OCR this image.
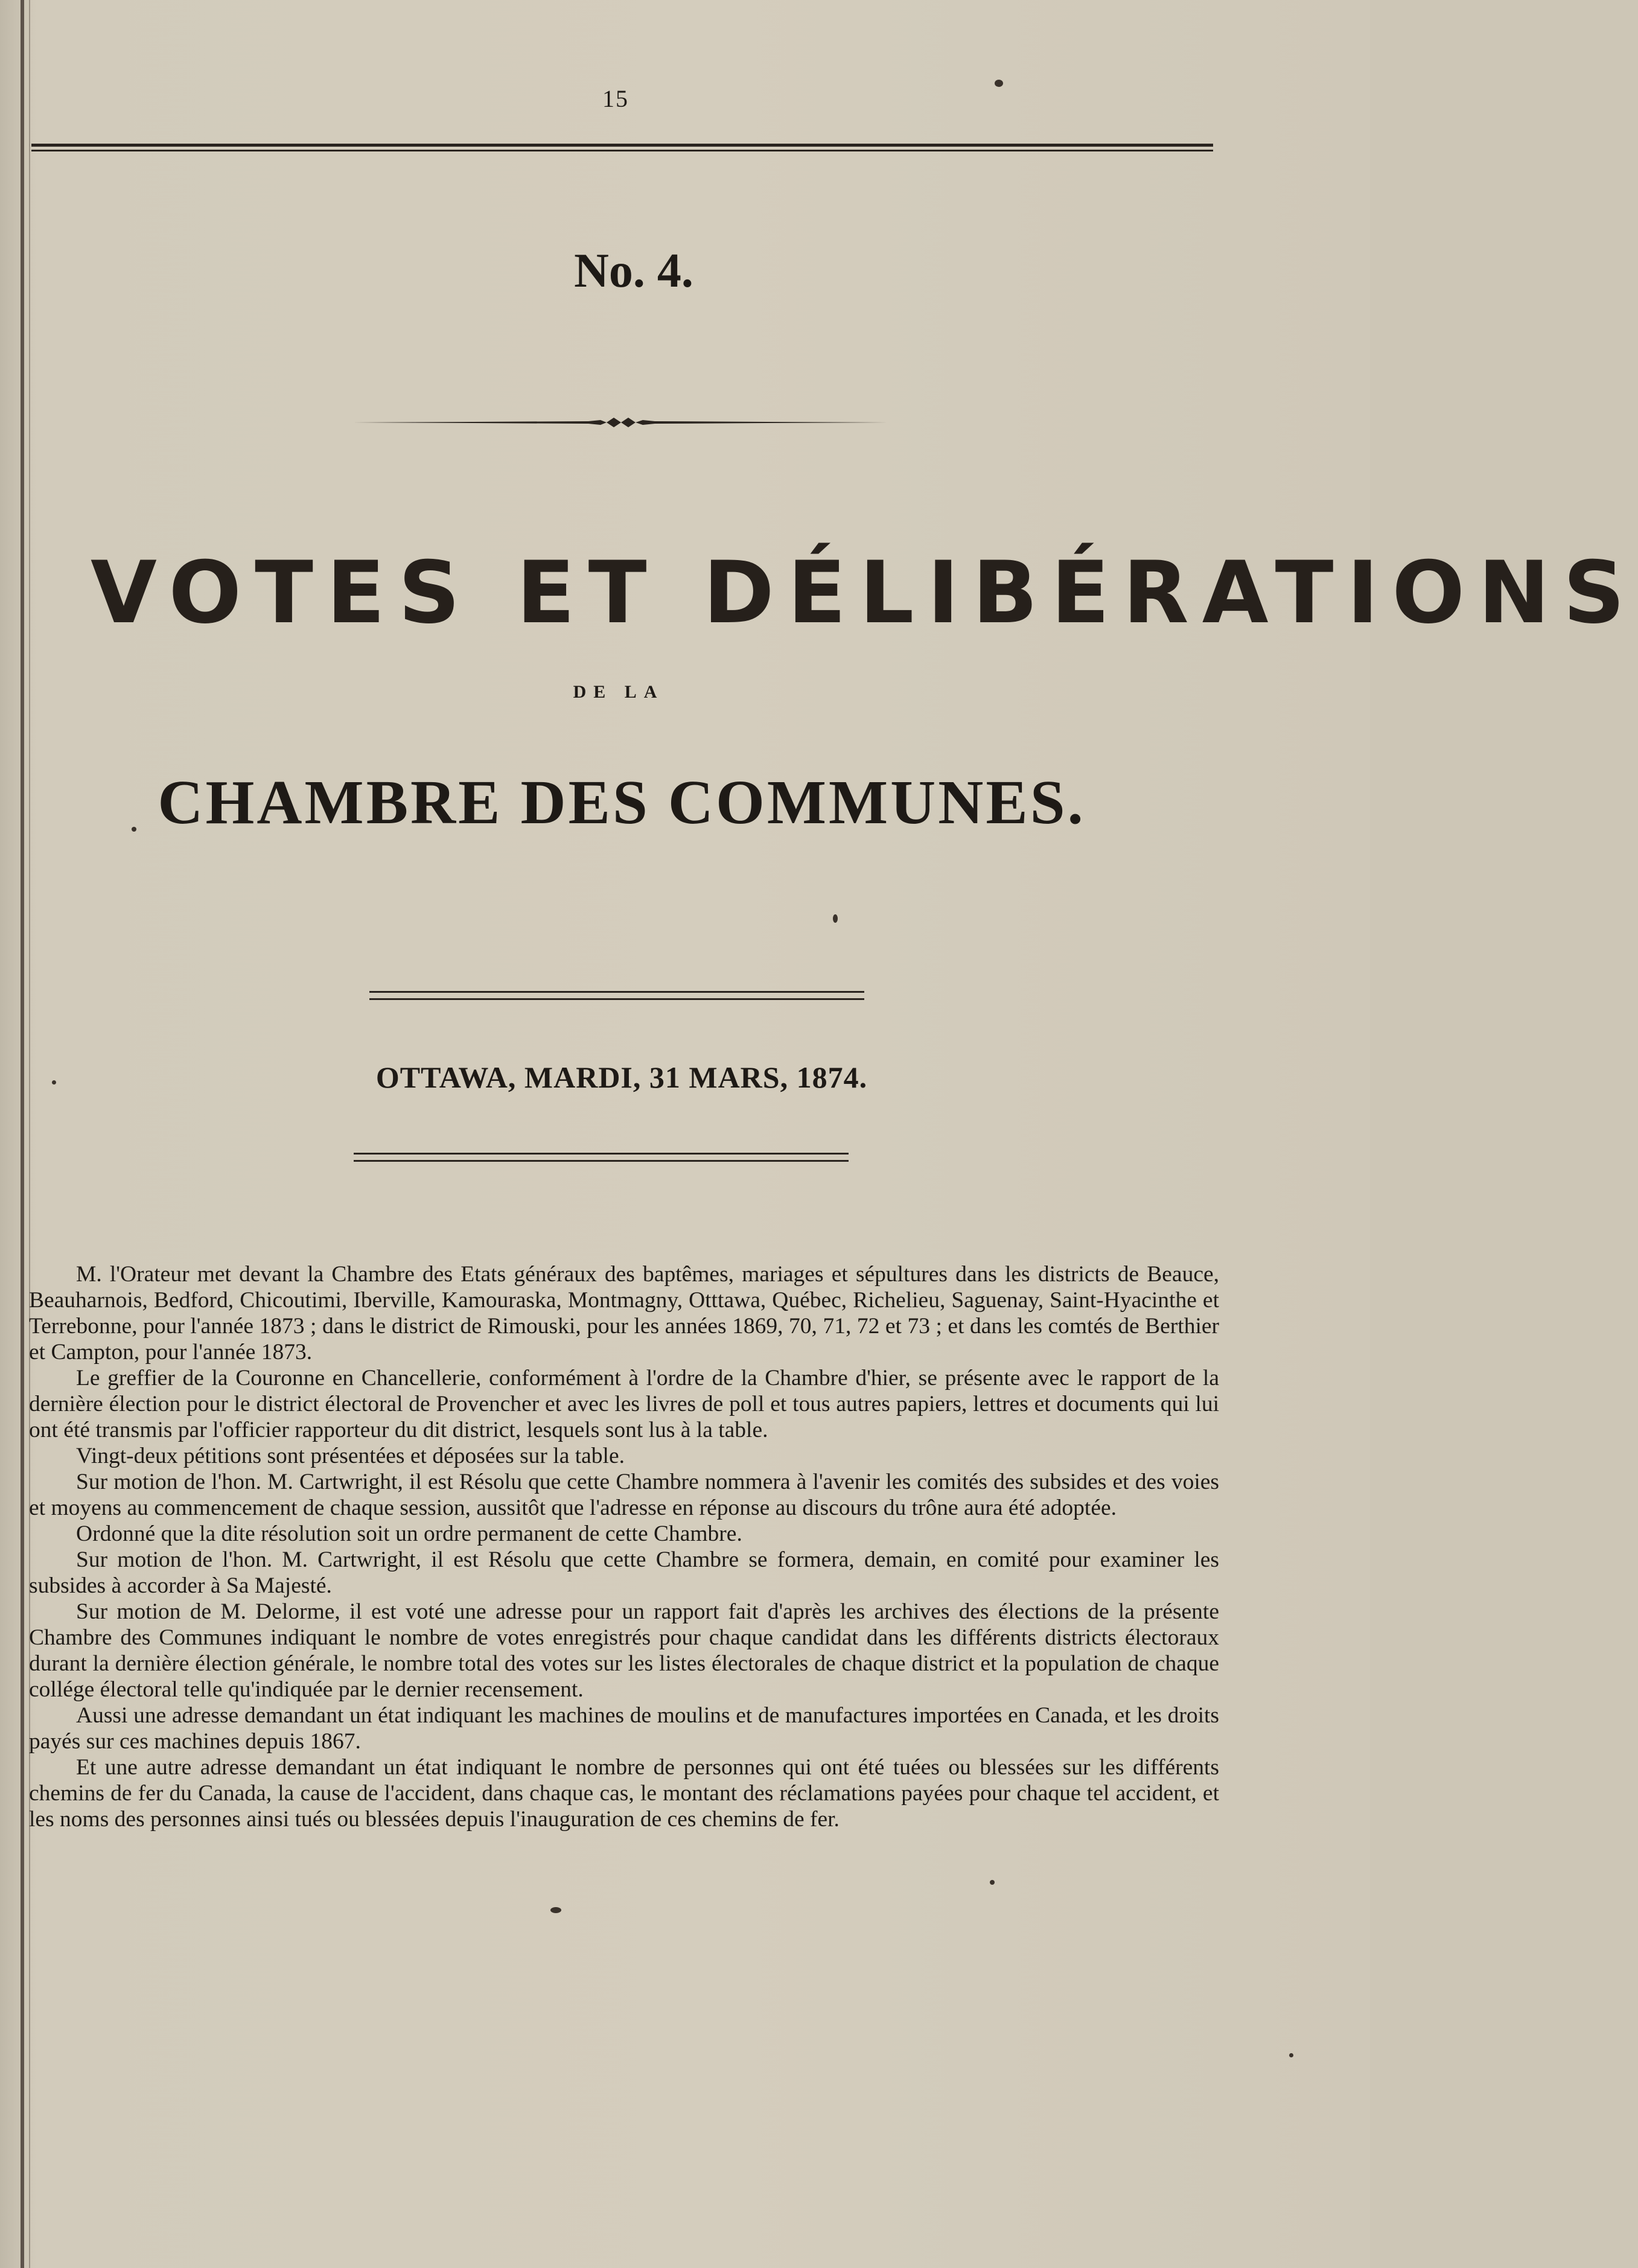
15
No. 4.
VOTES ET DÉLIBÉRATIONS
DE LA
CHAMBRE DES COMMUNES.
OTTAWA, MARDI, 31 MARS, 1874.

M. l'Orateur met devant la Chambre des Etats généraux des baptêmes, mariages et sépultures dans les districts de Beauce, Beauharnois, Bedford, Chicoutimi, Iberville, Kamouraska, Montmagny, Otttawa, Québec, Richelieu, Saguenay, Saint-Hyacinthe et Terrebonne, pour l'année 1873 ; dans le district de Rimouski, pour les années 1869, 70, 71, 72 et 73 ; et dans les comtés de Berthier et Campton, pour l'année 1873.

Le greffier de la Couronne en Chancellerie, conformément à l'ordre de la Chambre d'hier, se présente avec le rapport de la dernière élection pour le district électoral de Provencher et avec les livres de poll et tous autres papiers, lettres et documents qui lui ont été transmis par l'officier rapporteur du dit district, lesquels sont lus à la table.

Vingt-deux pétitions sont présentées et déposées sur la table.

Sur motion de l'hon. M. Cartwright, il est Résolu que cette Chambre nommera à l'avenir les comités des subsides et des voies et moyens au commencement de chaque session, aussitôt que l'adresse en réponse au discours du trône aura été adoptée.

Ordonné que la dite résolution soit un ordre permanent de cette Chambre.

Sur motion de l'hon. M. Cartwright, il est Résolu que cette Chambre se formera, demain, en comité pour examiner les subsides à accorder à Sa Majesté.

Sur motion de M. Delorme, il est voté une adresse pour un rapport fait d'après les archives des élections de la présente Chambre des Communes indiquant le nombre de votes enregistrés pour chaque candidat dans les différents districts électoraux durant la dernière élection générale, le nombre total des votes sur les listes électorales de chaque district et la population de chaque collége électoral telle qu'indiquée par le dernier recensement.

Aussi une adresse demandant un état indiquant les machines de moulins et de manufactures importées en Canada, et les droits payés sur ces machines depuis 1867.

Et une autre adresse demandant un état indiquant le nombre de personnes qui ont été tuées ou blessées sur les différents chemins de fer du Canada, la cause de l'accident, dans chaque cas, le montant des réclamations payées pour chaque tel accident, et les noms des personnes ainsi tués ou blessées depuis l'inauguration de ces chemins de fer.
